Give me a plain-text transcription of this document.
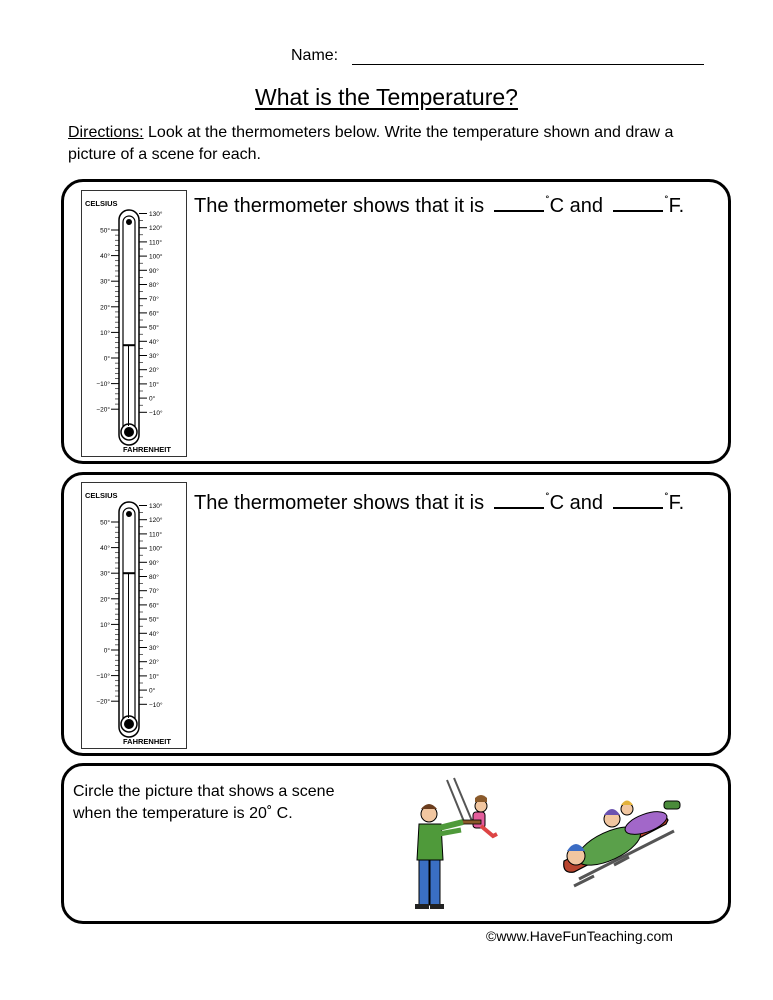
Name:
What is the Temperature?
Directions: Look at the thermometers below. Write the temperature shown and draw a picture of a scene for each.
CELSIUS
FAHRENHEIT
50°
40°
30°
20°
10°
0°
−10°
−20°
130°
120°
110°
100°
90°
80°
70°
60°
50°
40°
30°
20°
10°
0°
−10°
The thermometer shows that it is	˚C and	˚F.
CELSIUS
FAHRENHEIT
50°
40°
30°
20°
10°
0°
−10°
−20°
130°
120°
110°
100°
90°
80°
70°
60°
50°
40°
30°
20°
10°
0°
−10°
The thermometer shows that it is	˚C and	˚F.
Circle the picture that shows a scene
when the temperature is 20˚ C.
©www.HaveFunTeaching.com
